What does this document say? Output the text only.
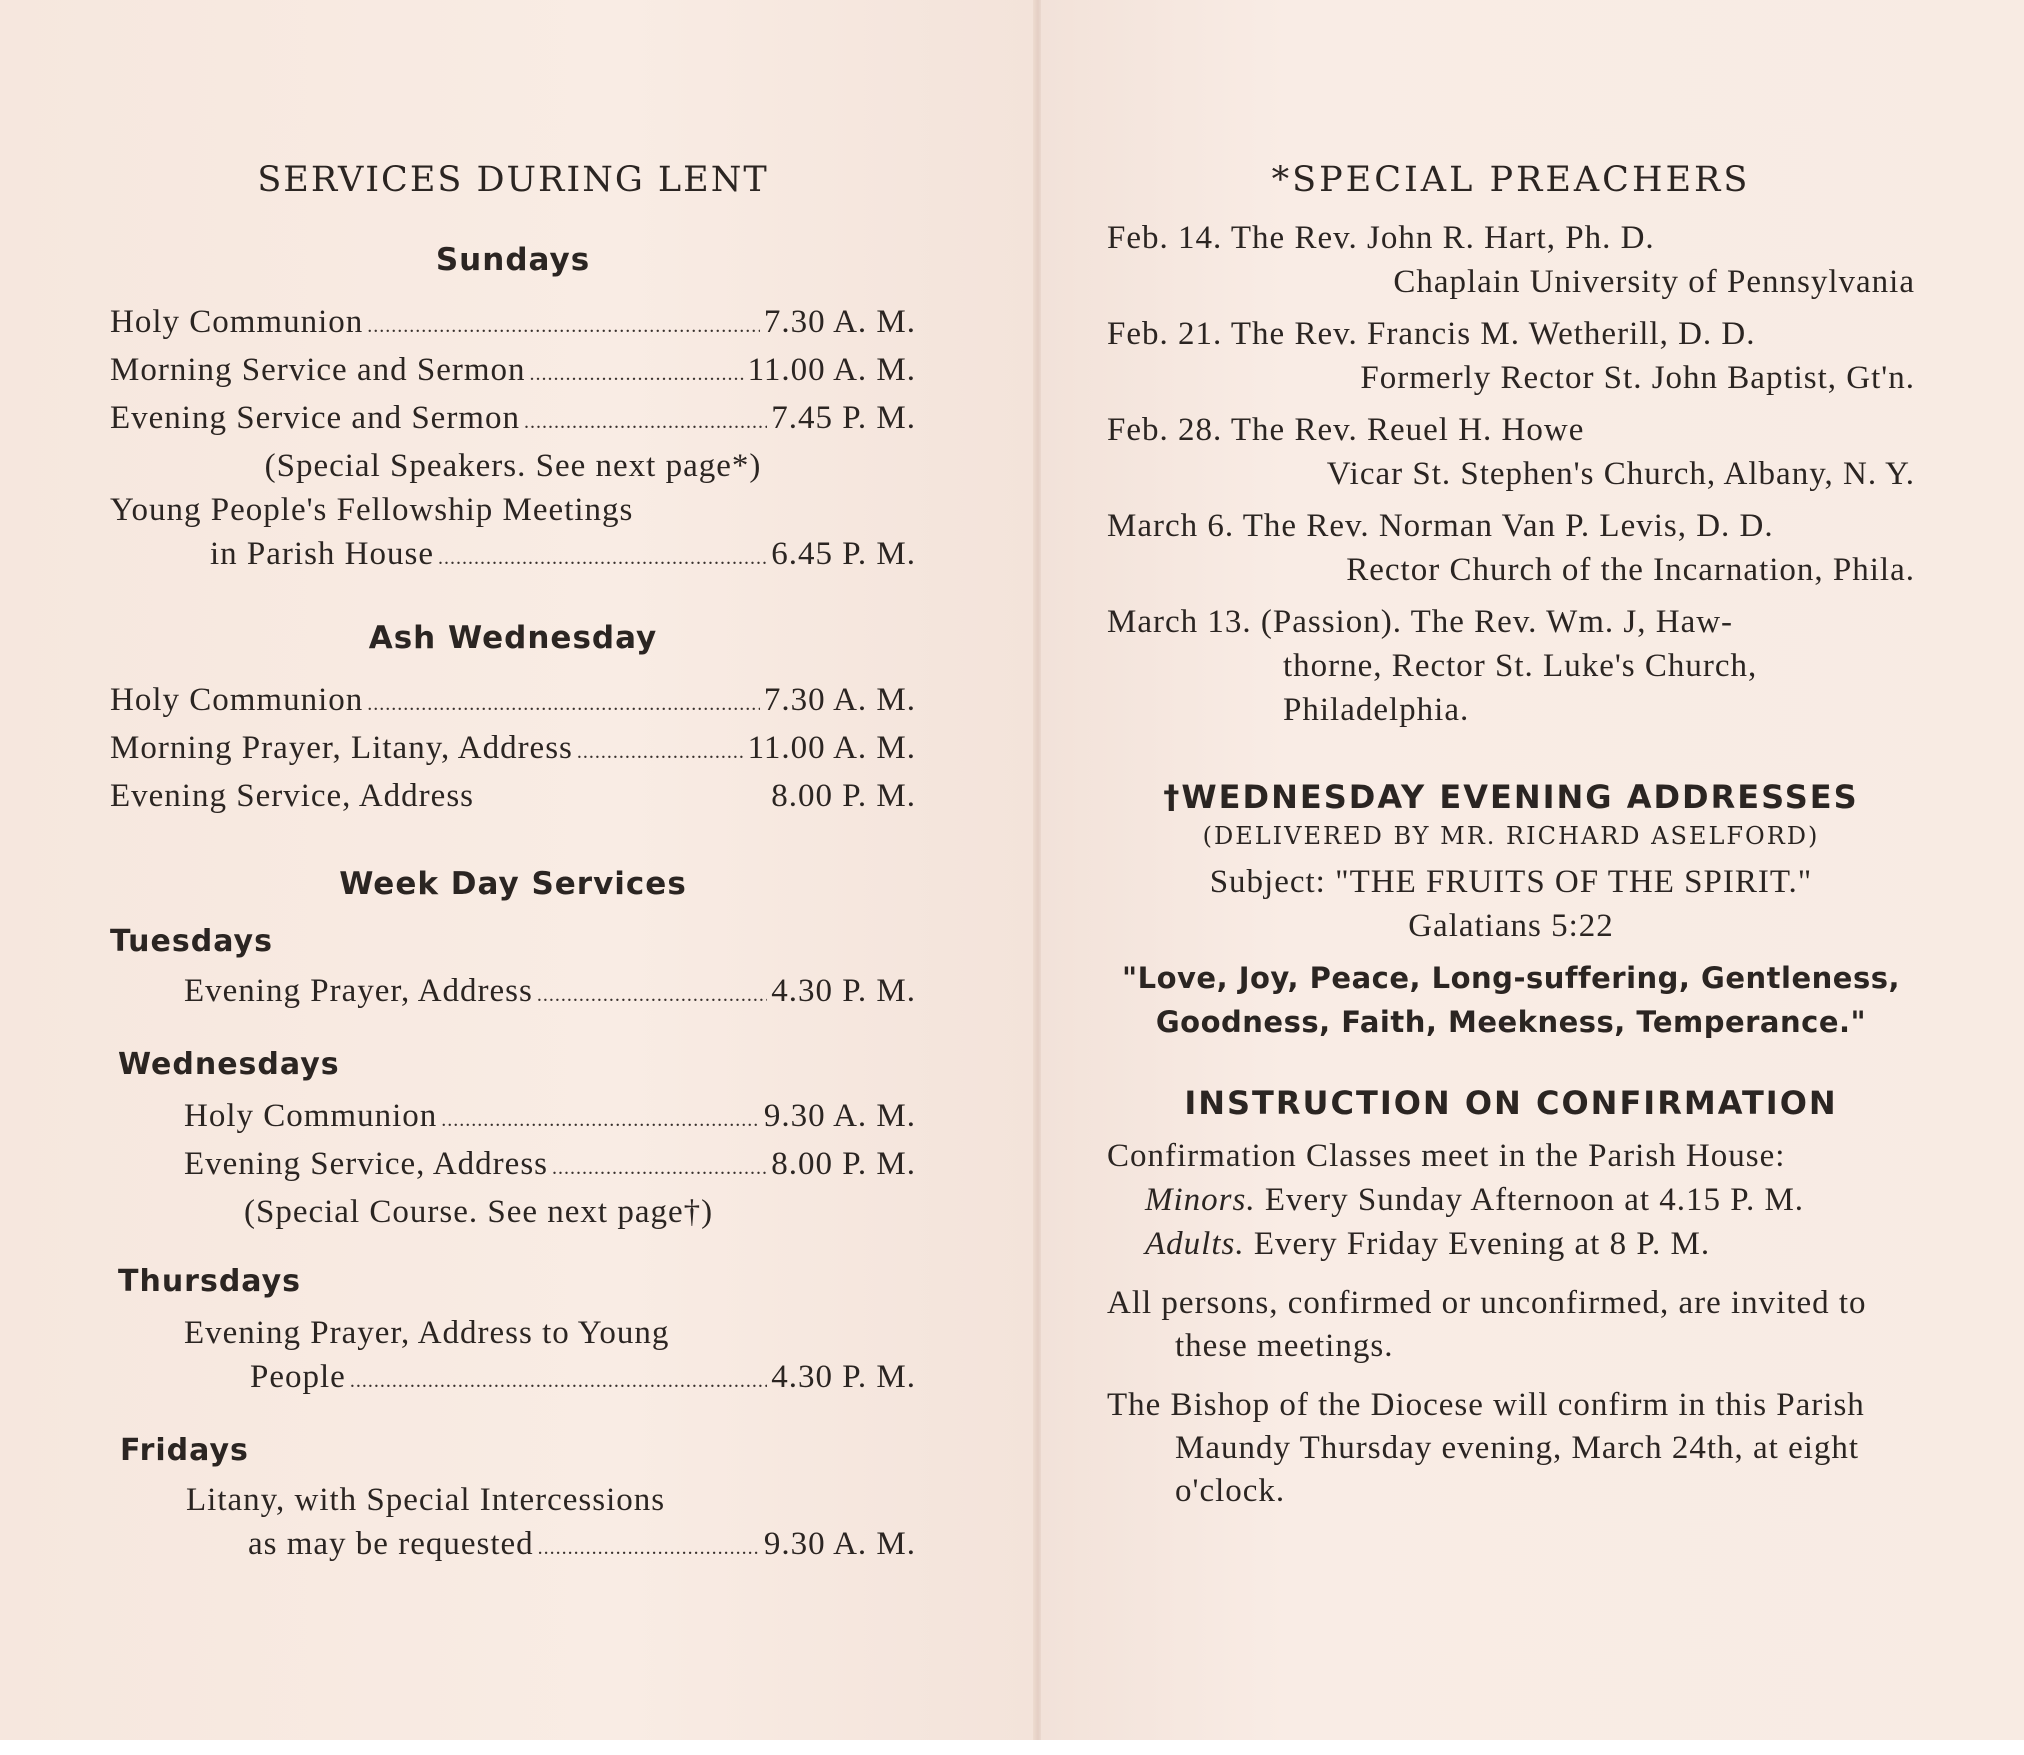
SERVICES DURING LENT
Sundays
Holy Communion .....	7.30 A. M.
Morning Service and Sermon .....	11.00 A. M.
Evening Service and Sermon .....	7.45 P. M.
(Special Speakers. See next page*)
Young People's Fellowship Meetings
in Parish House .....	6.45 P. M.
Ash Wednesday
Holy Communion .....	7.30 A. M.
Morning Prayer, Litany, Address .....	11.00 A. M.
Evening Service, Address	8.00 P. M.
Week Day Services
Tuesdays
Evening Prayer, Address .....	4.30 P. M.
Wednesdays
Holy Communion .....	9.30 A. M.
Evening Service, Address .....	8.00 P. M.
(Special Course. See next page†)
Thursdays
Evening Prayer, Address to Young
People .....	4.30 P. M.
Fridays
Litany, with Special Intercessions
as may be requested .....	9.30 A. M.
*SPECIAL PREACHERS
Feb. 14. The Rev. John R. Hart, Ph. D.
Chaplain University of Pennsylvania
Feb. 21. The Rev. Francis M. Wetherill, D. D.
Formerly Rector St. John Baptist, Gt'n.
Feb. 28. The Rev. Reuel H. Howe
Vicar St. Stephen's Church, Albany, N. Y.
March 6. The Rev. Norman Van P. Levis, D. D.
Rector Church of the Incarnation, Phila.
March 13. (Passion). The Rev. Wm. J, Haw-
thorne, Rector St. Luke's Church,
Philadelphia.
†WEDNESDAY EVENING ADDRESSES
(DELIVERED BY MR. RICHARD ASELFORD)
Subject: "THE FRUITS OF THE SPIRIT."
Galatians 5:22
"Love, Joy, Peace, Long-suffering, Gentleness,
Goodness, Faith, Meekness, Temperance."
INSTRUCTION ON CONFIRMATION
Confirmation Classes meet in the Parish House:
Minors. Every Sunday Afternoon at 4.15 P. M.
Adults. Every Friday Evening at 8 P. M.
All persons, confirmed or unconfirmed, are invited to these meetings.
The Bishop of the Diocese will confirm in this Parish Maundy Thursday evening, March 24th, at eight o'clock.
